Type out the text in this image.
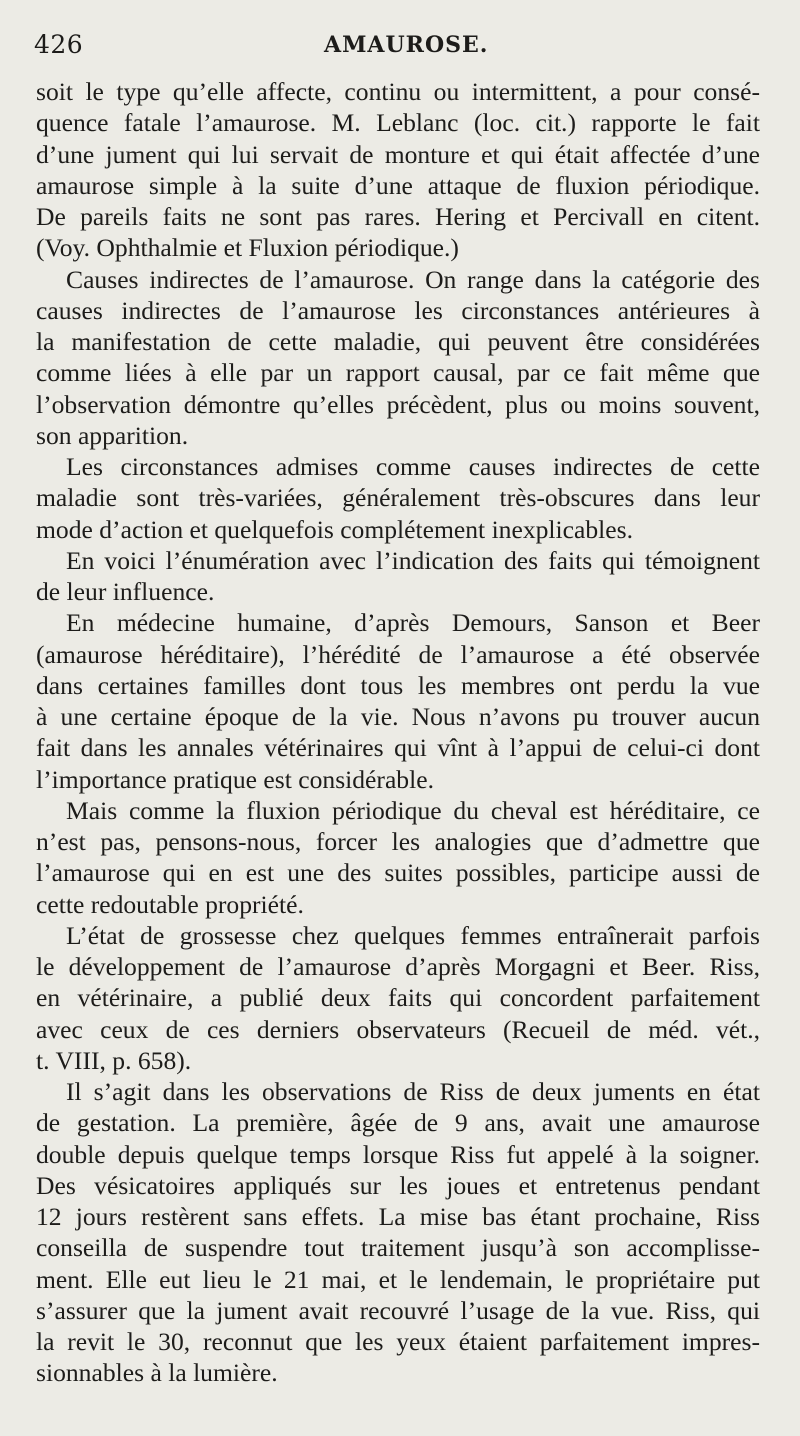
426	AMAUROSE.
soit le type qu’elle affecte, continu ou intermittent, a pour consé-
quence fatale l’amaurose. M. Leblanc (loc. cit.) rapporte le fait
d’une jument qui lui servait de monture et qui était affectée d’une
amaurose simple à la suite d’une attaque de fluxion périodique.
De pareils faits ne sont pas rares. Hering et Percivall en citent.
(Voy. Ophthalmie et Fluxion périodique.)
Causes indirectes de l’amaurose. On range dans la catégorie des
causes indirectes de l’amaurose les circonstances antérieures à
la manifestation de cette maladie, qui peuvent être considérées
comme liées à elle par un rapport causal, par ce fait même que
l’observation démontre qu’elles précèdent, plus ou moins souvent,
son apparition.
Les circonstances admises comme causes indirectes de cette
maladie sont très-variées, généralement très-obscures dans leur
mode d’action et quelquefois complétement inexplicables.
En voici l’énumération avec l’indication des faits qui témoignent
de leur influence.
En médecine humaine, d’après Demours, Sanson et Beer
(amaurose héréditaire), l’hérédité de l’amaurose a été observée
dans certaines familles dont tous les membres ont perdu la vue
à une certaine époque de la vie. Nous n’avons pu trouver aucun
fait dans les annales vétérinaires qui vînt à l’appui de celui-ci dont
l’importance pratique est considérable.
Mais comme la fluxion périodique du cheval est héréditaire, ce
n’est pas, pensons-nous, forcer les analogies que d’admettre que
l’amaurose qui en est une des suites possibles, participe aussi de
cette redoutable propriété.
L’état de grossesse chez quelques femmes entraînerait parfois
le développement de l’amaurose d’après Morgagni et Beer. Riss,
en vétérinaire, a publié deux faits qui concordent parfaitement
avec ceux de ces derniers observateurs (Recueil de méd. vét.,
t. VIII, p. 658).
Il s’agit dans les observations de Riss de deux juments en état
de gestation. La première, âgée de 9 ans, avait une amaurose
double depuis quelque temps lorsque Riss fut appelé à la soigner.
Des vésicatoires appliqués sur les joues et entretenus pendant
12 jours restèrent sans effets. La mise bas étant prochaine, Riss
conseilla de suspendre tout traitement jusqu’à son accomplisse-
ment. Elle eut lieu le 21 mai, et le lendemain, le propriétaire put
s’assurer que la jument avait recouvré l’usage de la vue. Riss, qui
la revit le 30, reconnut que les yeux étaient parfaitement impres-
sionnables à la lumière.
